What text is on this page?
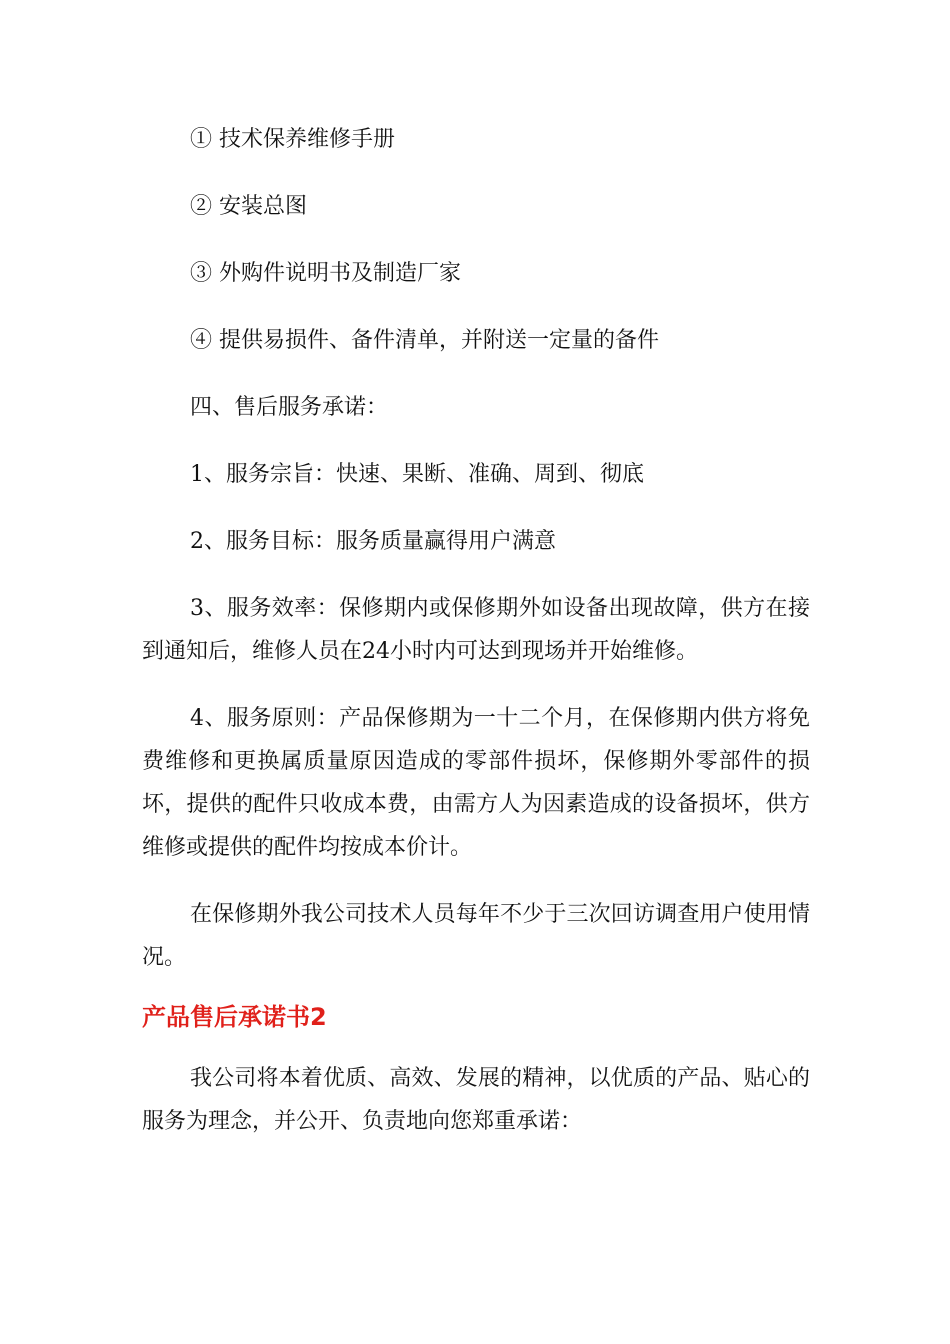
① 技术保养维修手册

② 安装总图

③ 外购件说明书及制造厂家

④ 提供易损件、备件清单，并附送一定量的备件

四、售后服务承诺：

1、服务宗旨：快速、果断、准确、周到、彻底

2、服务目标：服务质量赢得用户满意

3、服务效率：保修期内或保修期外如设备出现故障，供方在接到通知后，维修人员在24小时内可达到现场并开始维修。

4、服务原则：产品保修期为一十二个月，在保修期内供方将免费维修和更换属质量原因造成的零部件损坏，保修期外零部件的损坏，提供的配件只收成本费，由需方人为因素造成的设备损坏，供方维修或提供的配件均按成本价计。

在保修期外我公司技术人员每年不少于三次回访调查用户使用情况。

产品售后承诺书2

我公司将本着优质、高效、发展的精神，以优质的产品、贴心的服务为理念，并公开、负责地向您郑重承诺：
